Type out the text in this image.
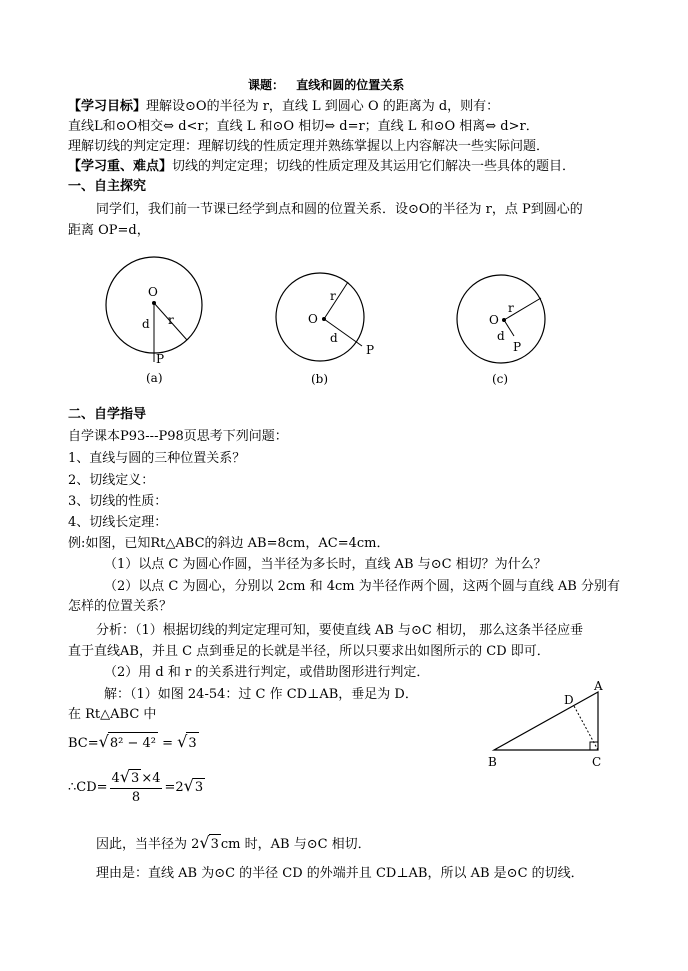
课题： 直线和圆的位置关系
【学习目标】理解设⊙O的半径为 r，直线 L 到圆心 O 的距离为 d，则有：
直线L和⊙O相交⇔ d<r；直线 L 和⊙O 相切⇔ d=r；直线 L 和⊙O 相离⇔ d>r．
理解切线的判定定理：理解切线的性质定理并熟练掌握以上内容解决一些实际问题．
【学习重、难点】切线的判定定理；切线的性质定理及其运用它们解决一些具体的题目．
一、自主探究
同学们，我们前一节课已经学到点和圆的位置关系．设⊙O的半径为 r，点 P到圆心的
距离 OP=d，
O
r
d
P
(a)
O
r
d
P
(b)
O
r
d
P
(c)
二、自学指导
自学课本P93---P98页思考下列问题：
1、直线与圆的三种位置关系？
2、切线定义：
3、切线的性质：
4、切线长定理：
例:如图，已知Rt△ABC的斜边 AB=8cm，AC=4cm．
（1）以点 C 为圆心作圆，当半径为多长时，直线 AB 与⊙C 相切？为什么？
（2）以点 C 为圆心，分别以 2cm 和 4cm 为半径作两个圆，这两个圆与直线 AB 分别有
怎样的位置关系？
分析：（1）根据切线的判定定理可知，要使直线 AB 与⊙C 相切， 那么这条半径应垂
直于直线AB，并且 C 点到垂足的长就是半径，所以只要求出如图所示的 CD 即可．
（2）用 d 和 r 的关系进行判定，或借助图形进行判定．
解：（1）如图 24-54：过 C 作 CD⊥AB，垂足为 D．
在 Rt△ABC 中
BC=√8² − 4² = √3
∴CD= $\frac{4√3 \times 4}{8} =2√3$
因此，当半径为 2√3 cm 时，AB 与⊙C 相切．
理由是：直线 AB 为⊙C 的半径 CD 的外端并且 CD⊥AB，所以 AB 是⊙C 的切线．
A
B	C
D
